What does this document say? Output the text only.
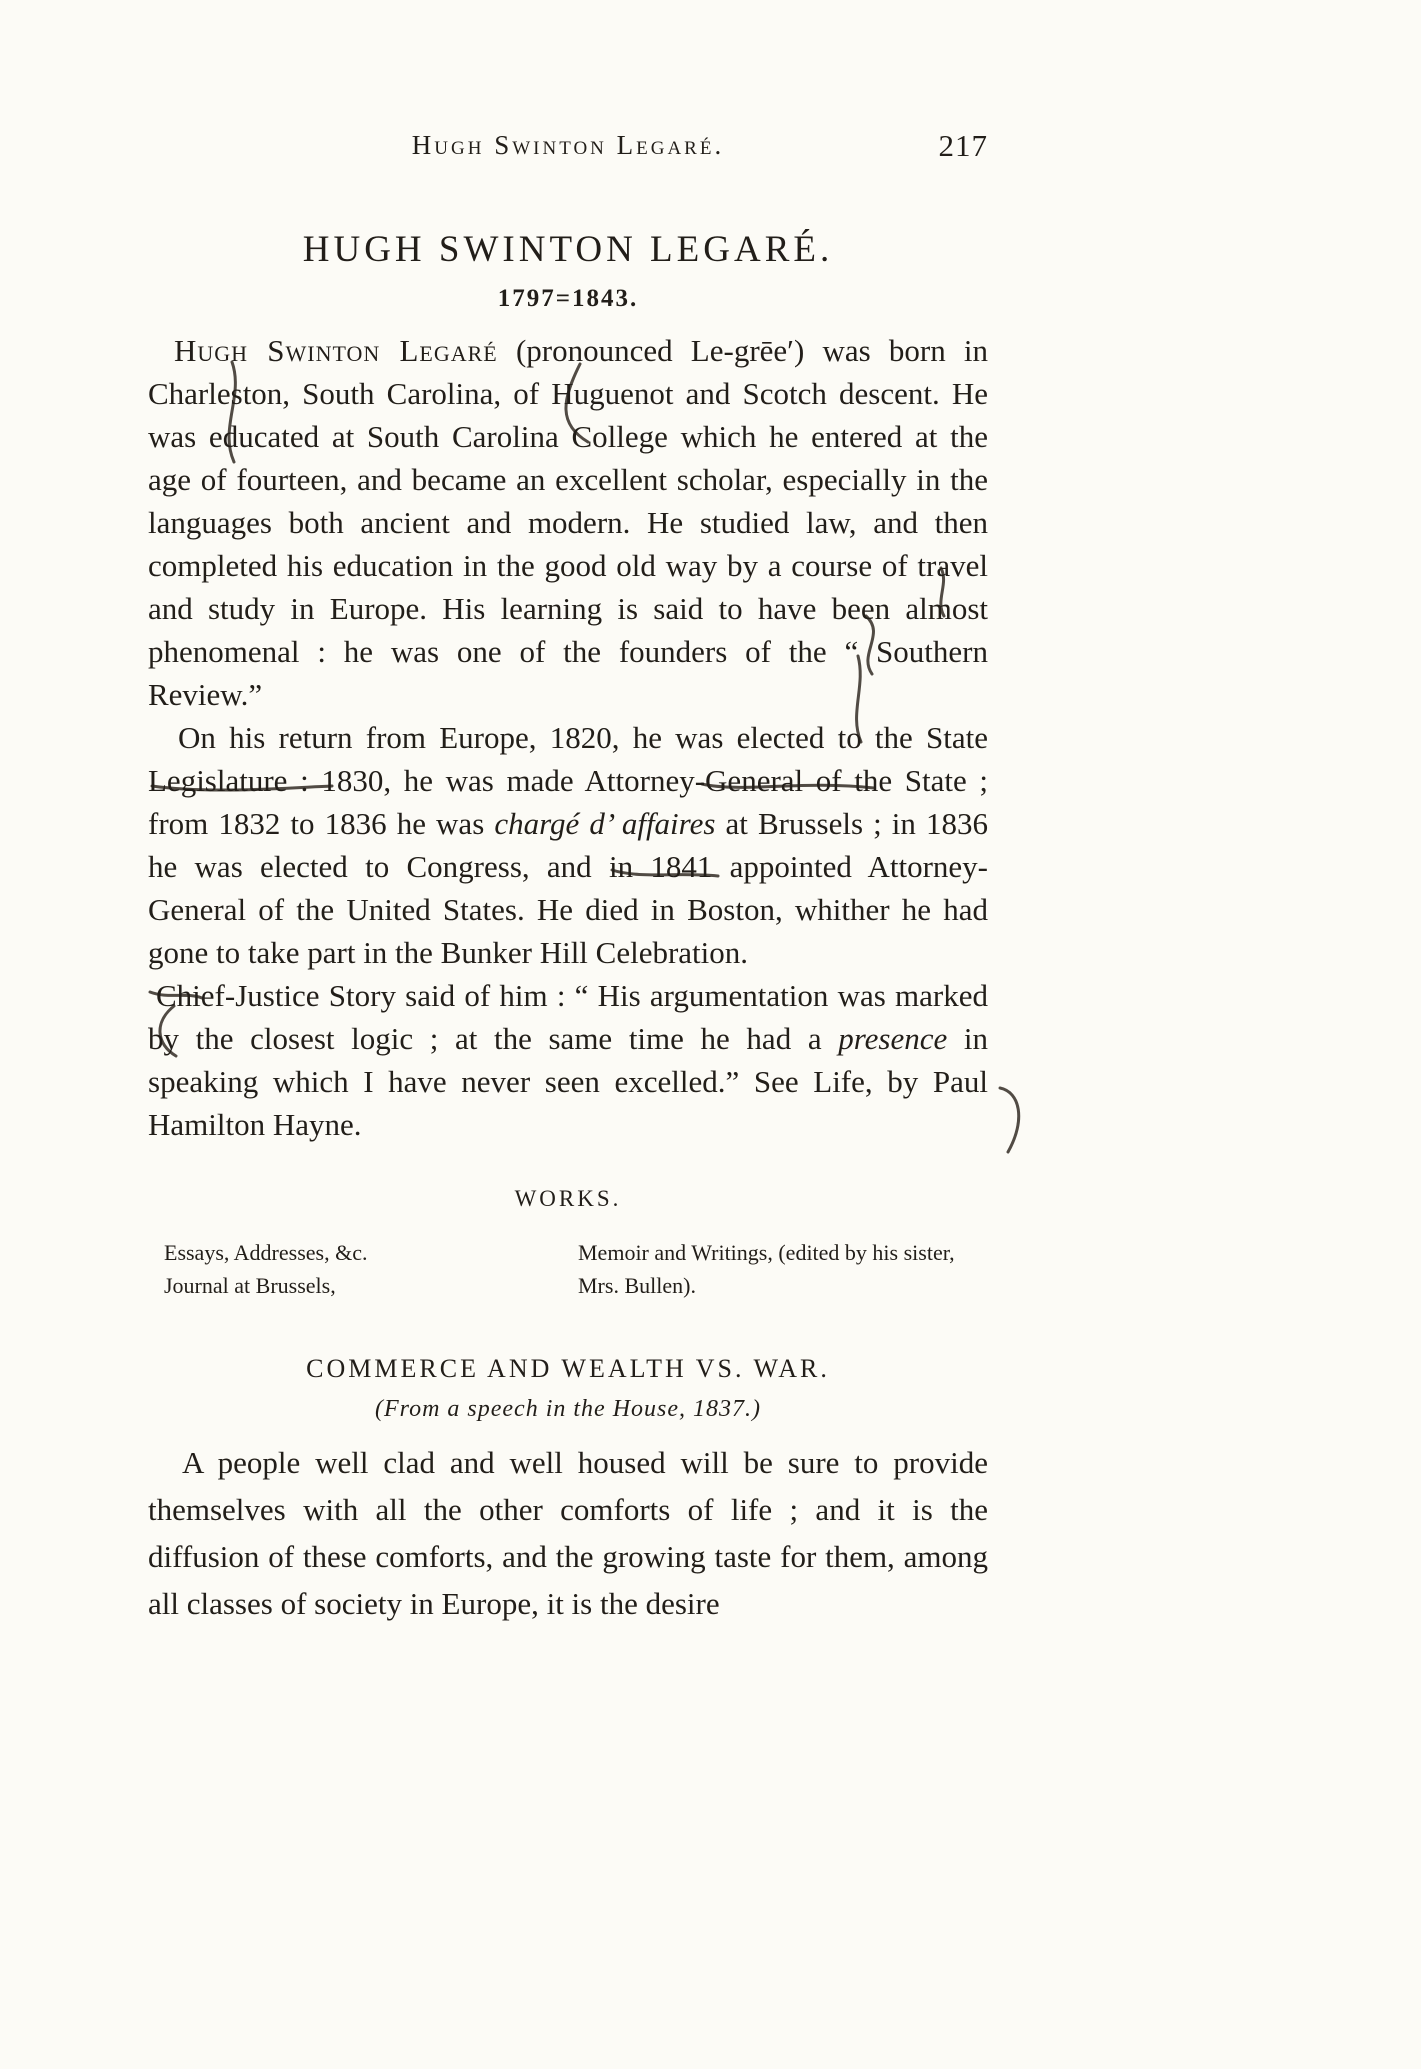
Hugh Swinton Legaré.	217
HUGH SWINTON LEGARÉ.
1797=1843.

Hugh Swinton Legaré (pronounced Le-grēe′) was born in Charleston, South Carolina, of Huguenot and Scotch descent. He was educated at South Carolina College which he entered at the age of fourteen, and became an excellent scholar, especially in the languages both ancient and modern. He studied law, and then completed his education in the good old way by a course of travel and study in Europe. His learning is said to have been almost phenomenal : he was one of the founders of the “ Southern Review.”

On his return from Europe, 1820, he was elected to the State Legislature : 1830, he was made Attorney-General of the State ; from 1832 to 1836 he was chargé d’ affaires at Brussels ; in 1836 he was elected to Congress, and in 1841 appointed Attorney-General of the United States. He died in Boston, whither he had gone to take part in the Bunker Hill Celebration.

Chief-Justice Story said of him : “ His argumentation was marked by the closest logic ; at the same time he had a presence in speaking which I have never seen excelled.” See Life, by Paul Hamilton Hayne.

WORKS.
Essays, Addresses, &c.
Journal at Brussels,
Memoir and Writings, (edited by his sister, Mrs. Bullen).
COMMERCE AND WEALTH VS. WAR.
(From a speech in the House, 1837.)

A people well clad and well housed will be sure to provide themselves with all the other comforts of life ; and it is the diffusion of these comforts, and the growing taste for them, among all classes of society in Europe, it is the desire
